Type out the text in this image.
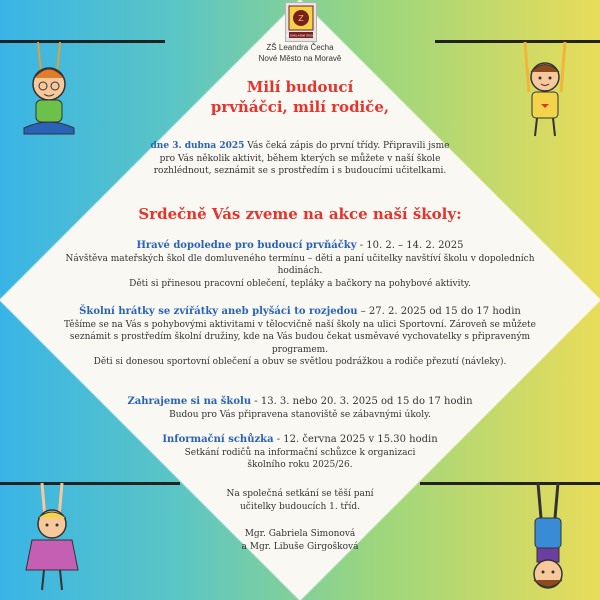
Z
Z. ZÁKLADNÍ ŠKOLA
ZŠ Leandra Čecha
Nové Město na Moravě
Milí budoucí
prvňáčci, milí rodiče,
dne 3. dubna 2025 Vás čeká zápis do první třídy. Připravili jsme
pro Vás několik aktivit, během kterých se můžete v naší škole
rozhlédnout, seznámit se s prostředím i s budoucími učitelkami.
Srdečně Vás zveme na akce naší školy:
Hravé dopoledne pro budoucí prvňáčky - 10. 2. – 14. 2. 2025
Návštěva mateřských škol dle domluveného termínu – děti a paní učitelky navštíví školu v dopoledních
hodinách.
Děti si přinesou pracovní oblečení, tepláky a bačkory na pohybové aktivity.
Školní hrátky se zvířátky aneb plyšáci to rozjedou – 27. 2. 2025 od 15 do 17 hodin
Těšíme se na Vás s pohybovými aktivitami v tělocvičně naší školy na ulici Sportovní. Zároveň se můžete
seznámit s prostředím školní družiny, kde na Vás budou čekat usměvavé vychovatelky s připraveným
programem.
Děti si donesou sportovní oblečení a obuv se světlou podrážkou a rodiče přezutí (návleky).
Zahrajeme si na školu - 13. 3. nebo 20. 3. 2025 od 15 do 17 hodin
Budou pro Vás připravena stanoviště se zábavnými úkoly.
Informační schůzka - 12. června 2025 v 15.30 hodin
Setkání rodičů na informační schůzce k organizaci
školního roku 2025/26.
Na společná setkání se těší paní
učitelky budoucích 1. tříd.
Mgr. Gabriela Simonová
a Mgr. Libuše Girgošková
